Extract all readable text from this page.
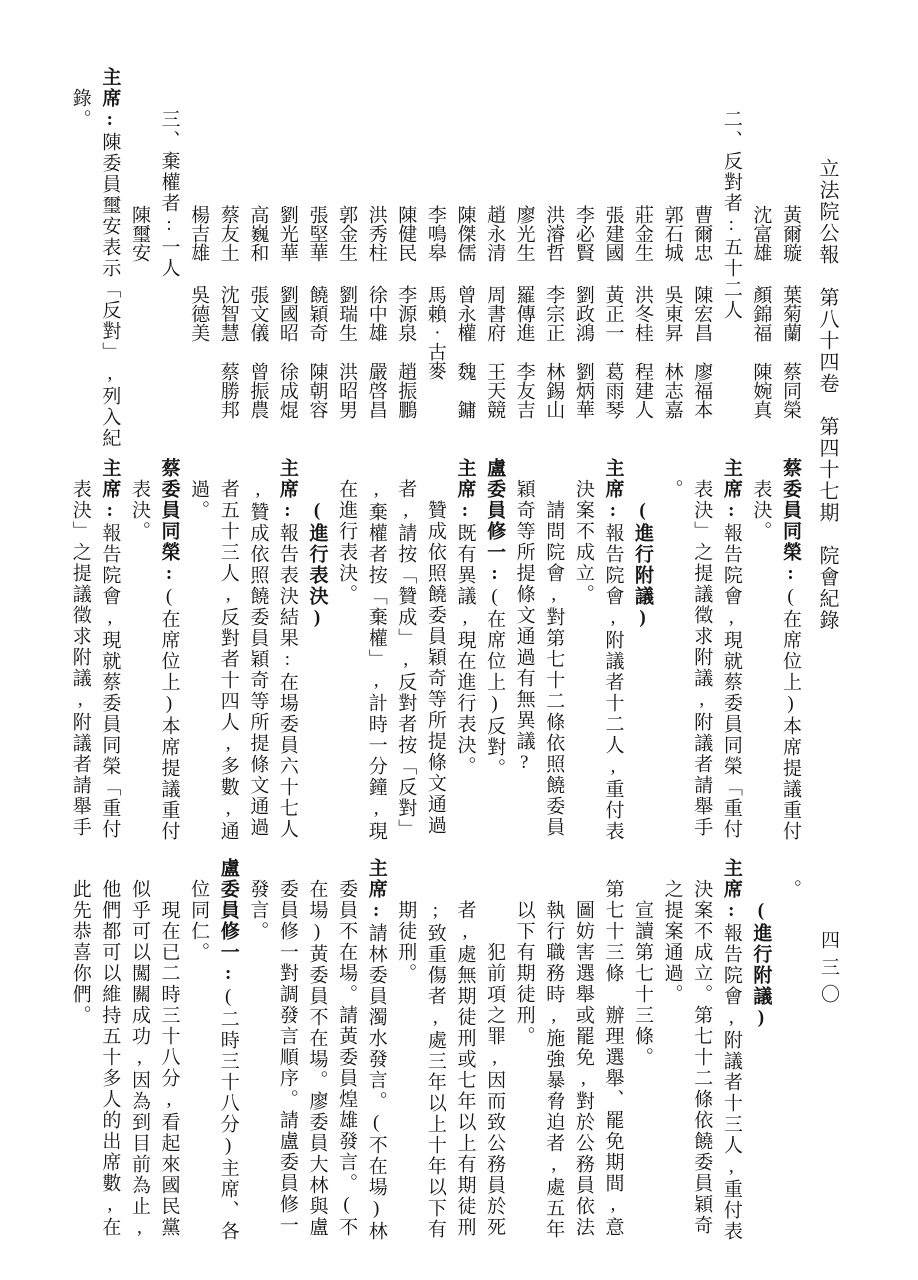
立法院公報　第八十四卷　第四十七期　院會紀錄
四三〇
黃爾璇
葉菊蘭
蔡同榮
沈富雄
顏錦福
陳婉真
二、反對者:五十二人
曹爾忠
陳宏昌
廖福本
郭石城
吳東昇
林志嘉
莊金生
洪冬桂
程建人
張建國
黃正一
葛雨琴
李必賢
劉政鴻
劉炳華
洪濬哲
李宗正
林錫山
廖光生
羅傳進
李友吉
趙永清
周書府
王天競
陳傑儒
曾永權
魏　鏞
李鳴皋
馬賴‧古麥
陳健民
李源泉
趙振鵬
洪秀柱
徐中雄
嚴啓昌
郭金生
劉瑞生
洪昭男
張堅華
饒穎奇
陳朝容
劉光華
劉國昭
徐成焜
高巍和
張文儀
曾振農
蔡友土
沈智慧
蔡勝邦
楊吉雄
吳德美
三、棄權者:一人
陳璽安
主席:陳委員璽安表示「反對」,列入紀
錄。
蔡委員同榮:(在席位上)本席提議重付
表決。
主席:報告院會,現就蔡委員同榮「重付
表決」之提議徵求附議,附議者請舉手
。
(進行附議)
主席:報告院會,附議者十二人,重付表
決案不成立。
請問院會,對第七十二條依照饒委員
穎奇等所提條文通過有無異議?
盧委員修一:(在席位上)反對。
主席:既有異議,現在進行表決。
贊成依照饒委員穎奇等所提條文通過
者,請按「贊成」,反對者按「反對」
,棄權者按「棄權」,計時一分鐘,現
在進行表決。
(進行表決)
主席:報告表決結果:在場委員六十七人
,贊成依照饒委員穎奇等所提條文通過
者五十三人,反對者十四人,多數,通
過。
蔡委員同榮:(在席位上)本席提議重付
表決。
主席:報告院會,現就蔡委員同榮「重付
表決」之提議徵求附議,附議者請舉手
。
(進行附議)
主席:報告院會,附議者十三人,重付表
決案不成立。第七十二條依饒委員穎奇
之提案通過。
宣讀第七十三條。
第七十三條　辦理選舉、罷免期間,意
圖妨害選舉或罷免,對於公務員依法
執行職務時,施強暴脅迫者,處五年
以下有期徒刑。
犯前項之罪,因而致公務員於死
者,處無期徒刑或七年以上有期徒刑
;致重傷者,處三年以上十年以下有
期徒刑。
主席:請林委員濁水發言。(不在場)林
委員不在場。請黃委員煌雄發言。(不
在場)黃委員不在場。廖委員大林與盧
委員修一對調發言順序。請盧委員修一
發言。
盧委員修一:(二時三十八分)主席、各
位同仁。
現在已二時三十八分,看起來國民黨
似乎可以闖關成功,因為到目前為止,
他們都可以維持五十多人的出席數,在
此先恭喜你們。
